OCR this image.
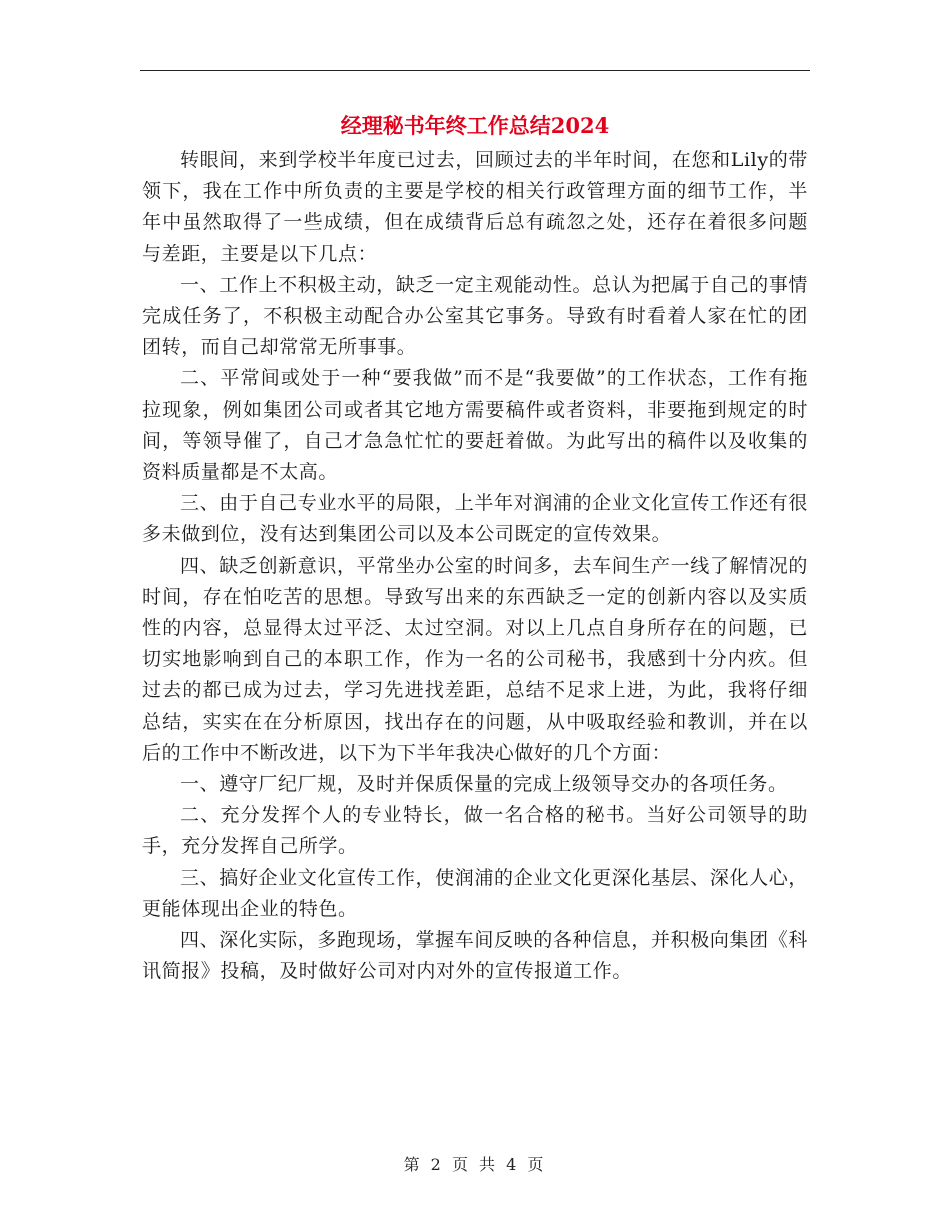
经理秘书年终工作总结2024

转眼间，来到学校半年度已过去，回顾过去的半年时间，在您和Lily的带领下，我在工作中所负责的主要是学校的相关行政管理方面的细节工作，半年中虽然取得了一些成绩，但在成绩背后总有疏忽之处，还存在着很多问题与差距，主要是以下几点：

一、工作上不积极主动，缺乏一定主观能动性。总认为把属于自己的事情完成任务了，不积极主动配合办公室其它事务。导致有时看着人家在忙的团团转，而自己却常常无所事事。

二、平常间或处于一种“要我做”而不是“我要做”的工作状态，工作有拖拉现象，例如集团公司或者其它地方需要稿件或者资料，非要拖到规定的时间，等领导催了，自己才急急忙忙的要赶着做。为此写出的稿件以及收集的资料质量都是不太高。

三、由于自己专业水平的局限，上半年对润浦的企业文化宣传工作还有很多未做到位，没有达到集团公司以及本公司既定的宣传效果。

四、缺乏创新意识，平常坐办公室的时间多，去车间生产一线了解情况的时间，存在怕吃苦的思想。导致写出来的东西缺乏一定的创新内容以及实质性的内容，总显得太过平泛、太过空洞。对以上几点自身所存在的问题，已切实地影响到自己的本职工作，作为一名的公司秘书，我感到十分内疚。但过去的都已成为过去，学习先进找差距，总结不足求上进，为此，我将仔细总结，实实在在分析原因，找出存在的问题，从中吸取经验和教训，并在以后的工作中不断改进，以下为下半年我决心做好的几个方面：

一、遵守厂纪厂规，及时并保质保量的完成上级领导交办的各项任务。

二、充分发挥个人的专业特长，做一名合格的秘书。当好公司领导的助手，充分发挥自己所学。

三、搞好企业文化宣传工作，使润浦的企业文化更深化基层、深化人心，更能体现出企业的特色。

四、深化实际，多跑现场，掌握车间反映的各种信息，并积极向集团《科讯简报》投稿，及时做好公司对内对外的宣传报道工作。

第 2 页 共 4 页
